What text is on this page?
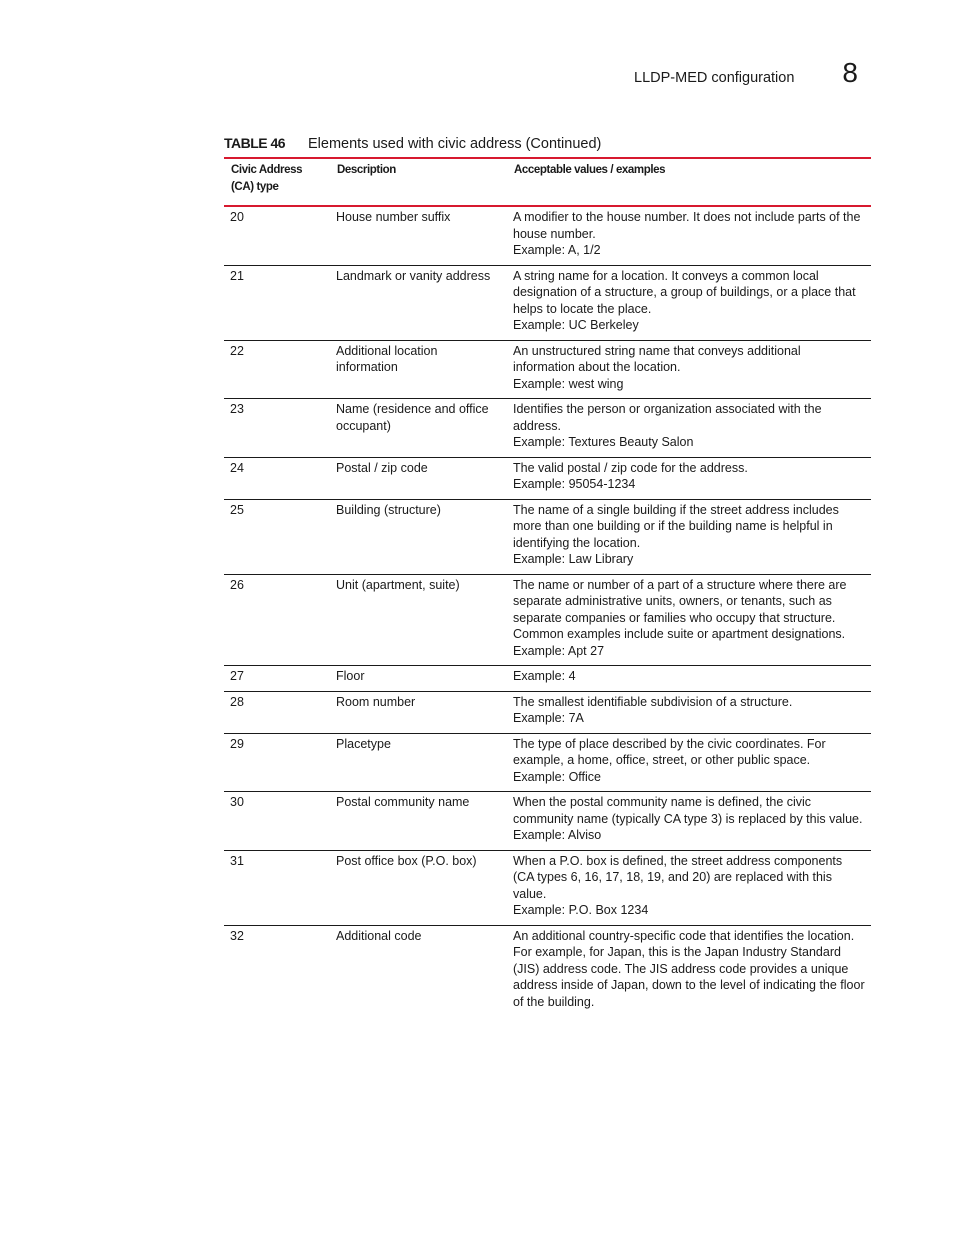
LLDP-MED configuration 8
TABLE 46	Elements used with civic address (Continued)
Civic Address (CA) type	Description	Acceptable values / examples
20	House number suffix	A modifier to the house number. It does not include parts of the house number.
Example: A, 1/2

21	Landmark or vanity address	A string name for a location. It conveys a common local designation of a structure, a group of buildings, or a place that helps to locate the place.
Example: UC Berkeley

22	Additional location information	An unstructured string name that conveys additional information about the location.
Example: west wing

23	Name (residence and office occupant)	Identifies the person or organization associated with the address.
Example: Textures Beauty Salon

24	Postal / zip code	The valid postal / zip code for the address.
Example: 95054-1234

25	Building (structure)	The name of a single building if the street address includes more than one building or if the building name is helpful in identifying the location.
Example: Law Library

26	Unit (apartment, suite)	The name or number of a part of a structure where there are separate administrative units, owners, or tenants, such as separate companies or families who occupy that structure. Common examples include suite or apartment designations.
Example: Apt 27

27	Floor	Example: 4

28	Room number	The smallest identifiable subdivision of a structure.
Example: 7A

29	Placetype	The type of place described by the civic coordinates. For example, a home, office, street, or other public space.
Example: Office

30	Postal community name	When the postal community name is defined, the civic community name (typically CA type 3) is replaced by this value.
Example: Alviso

31	Post office box (P.O. box)	When a P.O. box is defined, the street address components (CA types 6, 16, 17, 18, 19, and 20) are replaced with this value.
Example: P.O. Box 1234

32	Additional code	An additional country-specific code that identifies the location. For example, for Japan, this is the Japan Industry Standard (JIS) address code. The JIS address code provides a unique address inside of Japan, down to the level of indicating the floor of the building.
